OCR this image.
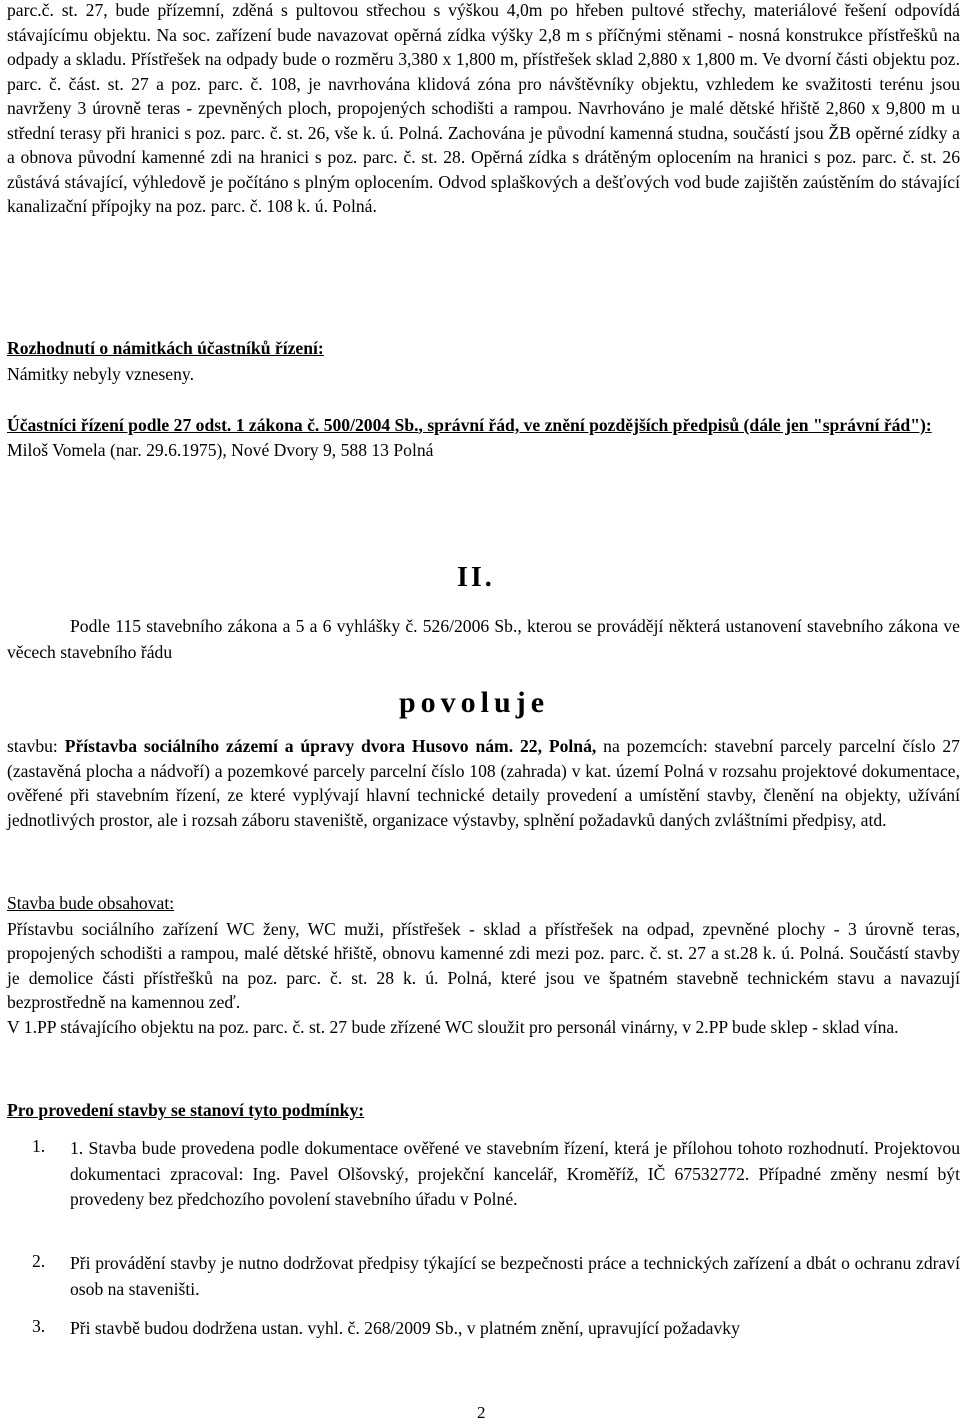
parc.č. st. 27, bude přízemní, zděná s pultovou střechou s výškou 4,0m po hřeben pultové střechy, materiálové řešení odpovídá stávajícímu objektu. Na soc. zařízení bude navazovat opěrná zídka výšky 2,8 m s příčnými stěnami - nosná konstrukce přístřešků na odpady a skladu. Přístřešek na odpady bude o rozměru 3,380 x 1,800 m, přístřešek sklad 2,880 x 1,800 m. Ve dvorní části objektu poz. parc. č. část. st. 27 a poz. parc. č. 108, je navrhována klidová zóna pro návštěvníky objektu, vzhledem ke svažitosti terénu jsou navrženy 3 úrovně teras - zpevněných ploch, propojených schodišti a rampou. Navrhováno je malé dětské hřiště 2,860 x 9,800 m u střední terasy při hranici s poz. parc. č. st. 26, vše k. ú. Polná. Zachována je původní kamenná studna, součástí jsou ŽB opěrné zídky a a obnova původní kamenné zdi na hranici s poz. parc. č. st. 28. Opěrná zídka s drátěným oplocením na hranici s poz. parc. č. st. 26 zůstává stávající, výhledově je počítáno s plným oplocením. Odvod splaškových a dešťových vod bude zajištěn zaústěním do stávající kanalizační přípojky na poz. parc. č. 108 k. ú. Polná.

Rozhodnutí o námitkách účastníků řízení:
Námitky nebyly vzneseny.
Účastníci řízení podle 27 odst. 1 zákona č. 500/2004 Sb., správní řád, ve znění pozdějších předpisů (dále jen "správní řád"):
Miloš Vomela (nar. 29.6.1975), Nové Dvory 9, 588 13 Polná
II.

Podle 115 stavebního zákona a 5 a 6 vyhlášky č. 526/2006 Sb., kterou se provádějí některá ustanovení stavebního zákona ve věcech stavebního řádu

povoluje

stavbu: Přístavba sociálního zázemí a úpravy dvora Husovo nám. 22, Polná, na pozemcích: stavební parcely parcelní číslo 27 (zastavěná plocha a nádvoří) a pozemkové parcely parcelní číslo 108 (zahrada) v kat. území Polná v rozsahu projektové dokumentace, ověřené při stavebním řízení, ze které vyplývají hlavní technické detaily provedení a umístění stavby, členění na objekty, užívání jednotlivých prostor, ale i rozsah záboru staveniště, organizace výstavby, splnění požadavků daných zvláštními předpisy, atd.

Stavba bude obsahovat:

Přístavbu sociálního zařízení WC ženy, WC muži, přístřešek - sklad a přístřešek na odpad, zpevněné plochy - 3 úrovně teras, propojených schodišti a rampou, malé dětské hřiště, obnovu kamenné zdi mezi poz. parc. č. st. 27 a st.28 k. ú. Polná. Součástí stavby je demolice části přístřešků na poz. parc. č. st. 28 k. ú. Polná, které jsou ve špatném stavebně technickém stavu a navazují bezprostředně na kamennou zeď.

V 1.PP stávajícího objektu na poz. parc. č. st. 27 bude zřízené WC sloužit pro personál vinárny, v 2.PP bude sklep - sklad vína.

Pro provedení stavby se stanoví tyto podmínky:
1. 1. Stavba bude provedena podle dokumentace ověřené ve stavebním řízení, která je přílohou tohoto rozhodnutí. Projektovou dokumentaci zpracoval: Ing. Pavel Olšovský, projekční kancelář, Kroměříž, IČ 67532772. Případné změny nesmí být provedeny bez předchozího povolení stavebního úřadu v Polné.
2. Při provádění stavby je nutno dodržovat předpisy týkající se bezpečnosti práce a technických zařízení a dbát o ochranu zdraví osob na staveništi.
3. Při stavbě budou dodržena ustan. vyhl. č. 268/2009 Sb., v platném znění, upravující požadavky
2
